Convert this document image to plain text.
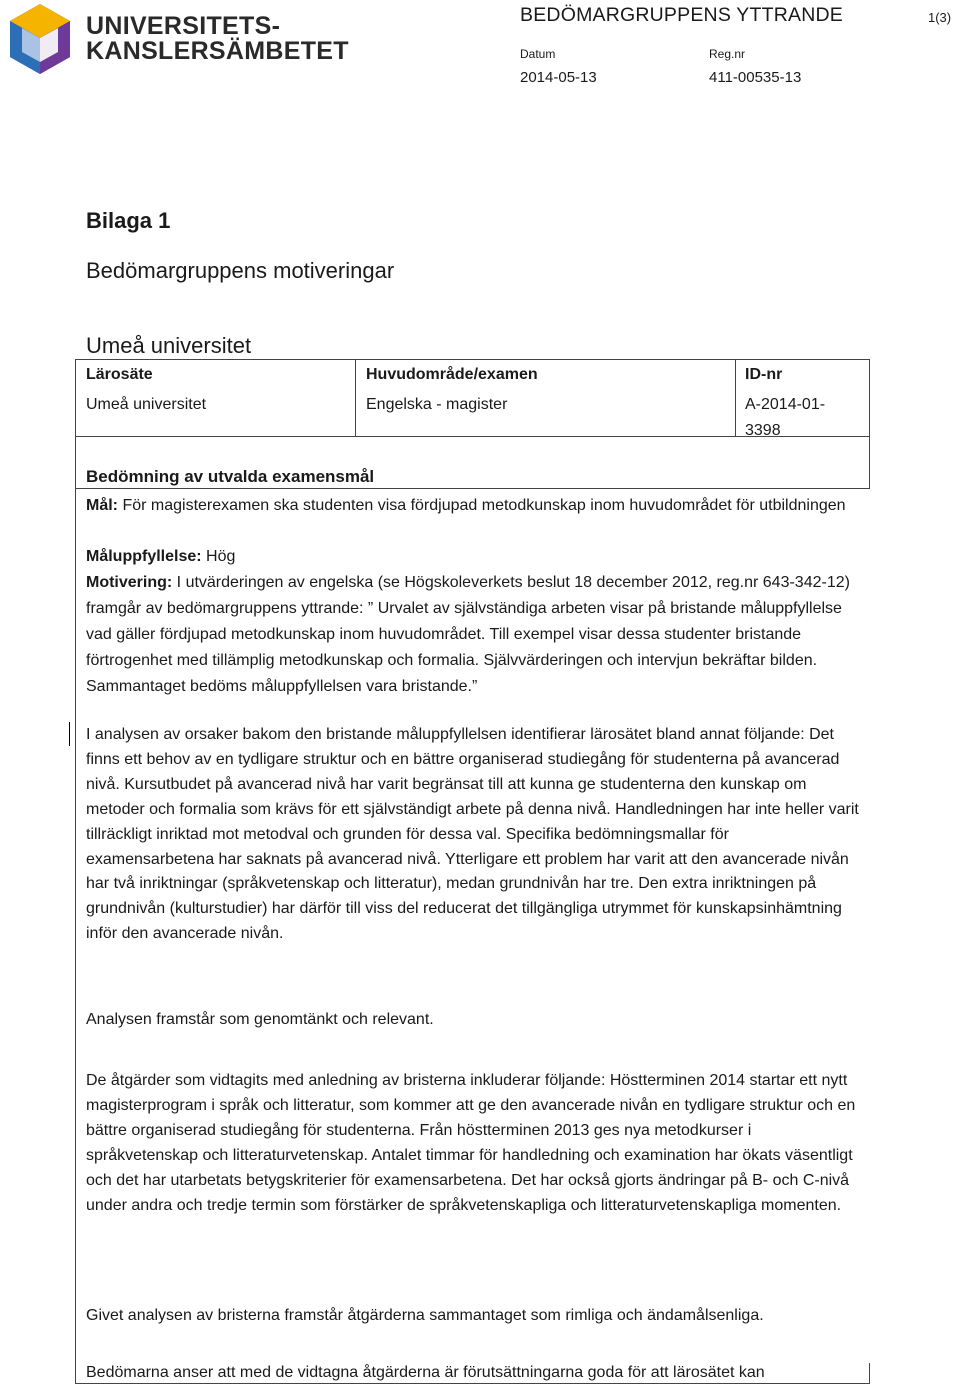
UNIVERSITETS-
KANSLERSÄMBETET
BEDÖMARGRUPPENS YTTRANDE	1(3)
Datum	Reg.nr
2014-05-13	411-00535-13
Bilaga 1
Bedömargruppens motiveringar
Umeå universitet
Lärosäte	Huvudområde/examen	ID-nr
Umeå universitet	Engelska - magister	A-2014-01-
3398
Bedömning av utvalda examensmål
Mål: För magisterexamen ska studenten visa fördjupad metodkunskap inom huvudområdet för utbildningen
Måluppfyllelse: Hög
Motivering: I utvärderingen av engelska (se Högskoleverkets beslut 18 december 2012, reg.nr 643-342-12) framgår av bedömargruppens yttrande: ” Urvalet av självständiga arbeten visar på bristande måluppfyllelse vad gäller fördjupad metodkunskap inom huvudområdet. Till exempel visar dessa studenter bristande förtrogenhet med tillämplig metodkunskap och formalia. Självvärderingen och intervjun bekräftar bilden. Sammantaget bedöms måluppfyllelsen vara bristande.”
I analysen av orsaker bakom den bristande måluppfyllelsen identifierar lärosätet bland annat följande: Det finns ett behov av en tydligare struktur och en bättre organiserad studiegång för studenterna på avancerad nivå. Kursutbudet på avancerad nivå har varit begränsat till att kunna ge studenterna den kunskap om metoder och formalia som krävs för ett självständigt arbete på denna nivå. Handledningen har inte heller varit tillräckligt inriktad mot metodval och grunden för dessa val. Specifika bedömningsmallar för examensarbetena har saknats på avancerad nivå. Ytterligare ett problem har varit att den avancerade nivån har två inriktningar (språkvetenskap och litteratur), medan grundnivån har tre. Den extra inriktningen på grundnivån (kulturstudier) har därför till viss del reducerat det tillgängliga utrymmet för kunskapsinhämtning inför den avancerade nivån.
Analysen framstår som genomtänkt och relevant.
De åtgärder som vidtagits med anledning av bristerna inkluderar följande: Höstterminen 2014 startar ett nytt magisterprogram i språk och litteratur, som kommer att ge den avancerade nivån en tydligare struktur och en bättre organiserad studiegång för studenterna. Från höstterminen 2013 ges nya metodkurser i språkvetenskap och litteraturvetenskap. Antalet timmar för handledning och examination har ökats väsentligt och det har utarbetats betygskriterier för examensarbetena. Det har också gjorts ändringar på B- och C-nivå under andra och tredje termin som förstärker de språkvetenskapliga och litteraturvetenskapliga momenten.
Givet analysen av bristerna framstår åtgärderna sammantaget som rimliga och ändamålsenliga.
Bedömarna anser att med de vidtagna åtgärderna är förutsättningarna goda för att lärosätet kan
